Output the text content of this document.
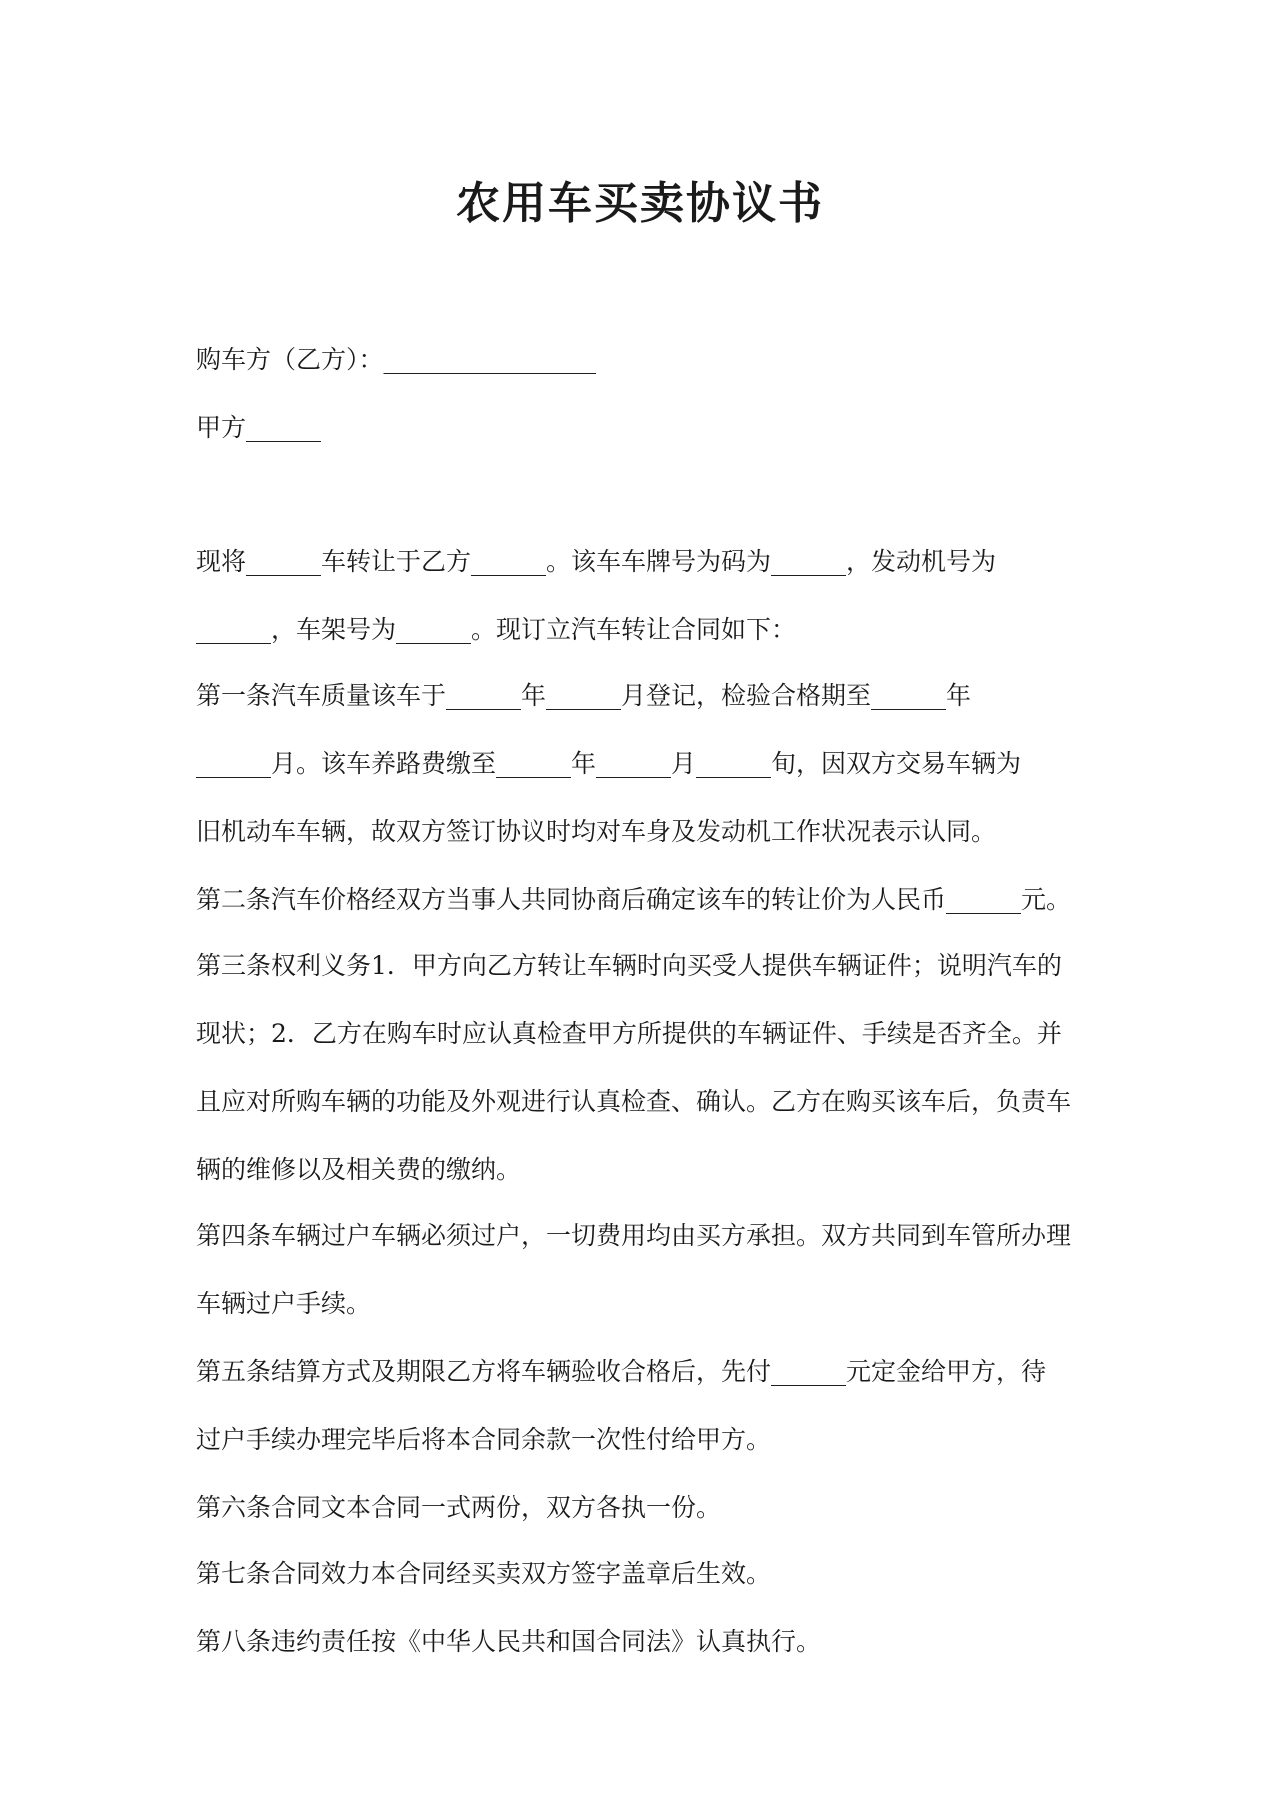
农用车买卖协议书

购车方（乙方）：_________________

甲方______

现将______车转让于乙方______。该车车牌号为码为______，发动机号为

______，车架号为______。现订立汽车转让合同如下：

第一条汽车质量该车于______年______月登记，检验合格期至______年

______月。该车养路费缴至______年______月______旬，因双方交易车辆为

旧机动车车辆，故双方签订协议时均对车身及发动机工作状况表示认同。

第二条汽车价格经双方当事人共同协商后确定该车的转让价为人民币______元。

第三条权利义务1．甲方向乙方转让车辆时向买受人提供车辆证件；说明汽车的

现状；2．乙方在购车时应认真检查甲方所提供的车辆证件、手续是否齐全。并

且应对所购车辆的功能及外观进行认真检查、确认。乙方在购买该车后，负责车

辆的维修以及相关费的缴纳。

第四条车辆过户车辆必须过户，一切费用均由买方承担。双方共同到车管所办理

车辆过户手续。

第五条结算方式及期限乙方将车辆验收合格后，先付______元定金给甲方，待

过户手续办理完毕后将本合同余款一次性付给甲方。

第六条合同文本合同一式两份，双方各执一份。

第七条合同效力本合同经买卖双方签字盖章后生效。

第八条违约责任按《中华人民共和国合同法》认真执行。
